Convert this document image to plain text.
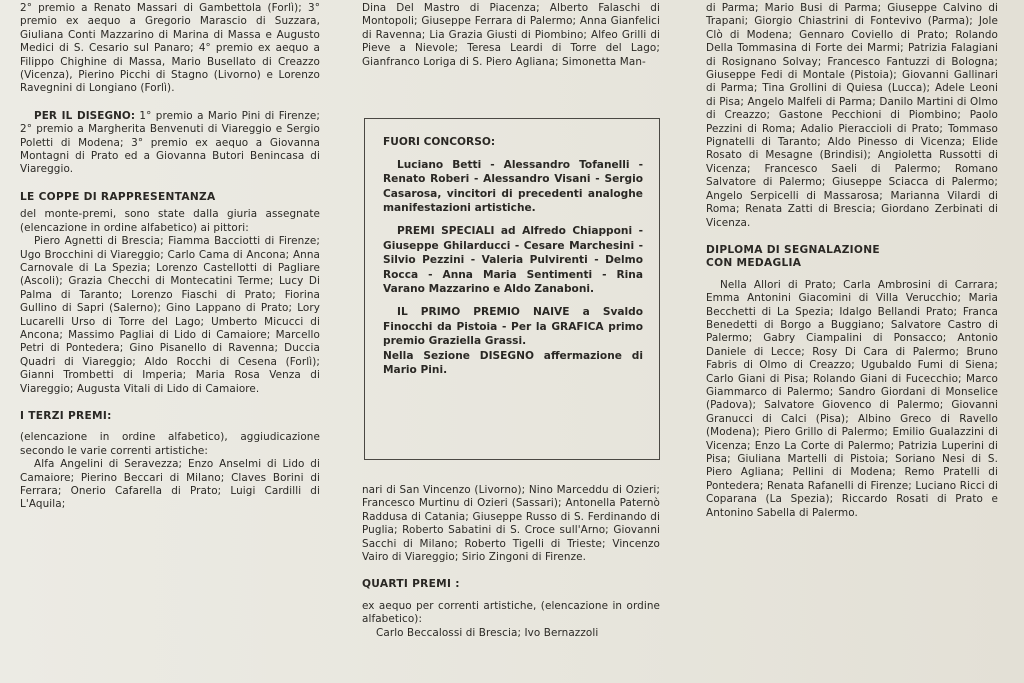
2° premio a Renato Massari di Gambettola (Forlì); 3° premio ex aequo a Gregorio Marascio di Suzzara, Giuliana Conti Mazzarino di Marina di Massa e Augusto Medici di S. Cesario sul Panaro; 4° premio ex aequo a Filippo Chighine di Massa, Mario Busellato di Creazzo (Vicenza), Pierino Picchi di Stagno (Livorno) e Lorenzo Ravegnini di Longiano (Forlì).

PER IL DISEGNO: 1° premio a Mario Pini di Firenze; 2° premio a Margherita Benvenuti di Viareggio e Sergio Poletti di Modena; 3° premio ex aequo a Giovanna Montagni di Prato ed a Giovanna Butori Benincasa di Viareggio.

LE COPPE DI RAPPRESENTANZA

del monte-premi, sono state dalla giuria assegnate (elencazione in ordine alfabetico) ai pittori:

Piero Agnetti di Brescia; Fiamma Bacciotti di Firenze; Ugo Brocchini di Viareggio; Carlo Cama di Ancona; Anna Carnovale di La Spezia; Lorenzo Castellotti di Pagliare (Ascoli); Grazia Checchi di Montecatini Terme; Lucy Di Palma di Taranto; Lorenzo Fiaschi di Prato; Fiorina Gullino di Sapri (Salerno); Gino Lappano di Prato; Lory Lucarelli Urso di Torre del Lago; Umberto Micucci di Ancona; Massimo Pagliai di Lido di Camaiore; Marcello Petri di Pontedera; Gino Pisanello di Ravenna; Duccia Quadri di Viareggio; Aldo Rocchi di Cesena (Forlì); Gianni Trombetti di Imperia; Maria Rosa Venza di Viareggio; Augusta Vitali di Lido di Camaiore.

I TERZI PREMI:

(elencazione in ordine alfabetico), aggiudicazione secondo le varie correnti artistiche:

Alfa Angelini di Seravezza; Enzo Anselmi di Lido di Camaiore; Pierino Beccari di Milano; Claves Borini di Ferrara; Onerio Cafarella di Prato; Luigi Cardilli di L'Aquila;

Dina Del Mastro di Piacenza; Alberto Falaschi di Montopoli; Giuseppe Ferrara di Palermo; Anna Gianfelici di Ravenna; Lia Grazia Giusti di Piombino; Alfeo Grilli di Pieve a Nievole; Teresa Leardi di Torre del Lago; Gianfranco Loriga di S. Piero Agliana; Simonetta Man-

FUORI CONCORSO:

Luciano Betti - Alessandro Tofanelli - Renato Roberi - Alessandro Visani - Sergio Casarosa, vincitori di precedenti analoghe manifestazioni artistiche.

PREMI SPECIALI ad Alfredo Chiapponi - Giuseppe Ghilarducci - Cesare Marchesini - Silvio Pezzini - Valeria Pulvirenti - Delmo Rocca - Anna Maria Sentimenti - Rina Varano Mazzarino e Aldo Zanaboni.

IL PRIMO PREMIO NAIVE a Svaldo Finocchi da Pistoia - Per la GRAFICA primo premio Graziella Grassi.

Nella Sezione DISEGNO affermazione di Mario Pini.

nari di San Vincenzo (Livorno); Nino Marceddu di Ozieri; Francesco Murtinu di Ozieri (Sassari); Antonella Paternò Raddusa di Catania; Giuseppe Russo di S. Ferdinando di Puglia; Roberto Sabatini di S. Croce sull'Arno; Giovanni Sacchi di Milano; Roberto Tigelli di Trieste; Vincenzo Vairo di Viareggio; Sirio Zingoni di Firenze.

QUARTI PREMI :

ex aequo per correnti artistiche, (elencazione in ordine alfabetico):

Carlo Beccalossi di Brescia; Ivo Bernazzoli

di Parma; Mario Busi di Parma; Giuseppe Calvino di Trapani; Giorgio Chiastrini di Fontevivo (Parma); Jole Clò di Modena; Gennaro Coviello di Prato; Rolando Della Tommasina di Forte dei Marmi; Patrizia Falagiani di Rosignano Solvay; Francesco Fantuzzi di Bologna; Giuseppe Fedi di Montale (Pistoia); Giovanni Gallinari di Parma; Tina Grollini di Quiesa (Lucca); Adele Leoni di Pisa; Angelo Malfeli di Parma; Danilo Martini di Olmo di Creazzo; Gastone Pecchioni di Piombino; Paolo Pezzini di Roma; Adalio Pieraccioli di Prato; Tommaso Pignatelli di Taranto; Aldo Pinesso di Vicenza; Elide Rosato di Mesagne (Brindisi); Angioletta Russotti di Vicenza; Francesco Saeli di Palermo; Romano Salvatore di Palermo; Giuseppe Sciacca di Palermo; Angelo Serpicelli di Massarosa; Marianna Vilardi di Roma; Renata Zatti di Brescia; Giordano Zerbinati di Vicenza.

DIPLOMA DI SEGNALAZIONE

CON MEDAGLIA

Nella Allori di Prato; Carla Ambrosini di Carrara; Emma Antonini Giacomini di Villa Verucchio; Maria Becchetti di La Spezia; Idalgo Bellandi Prato; Franca Benedetti di Borgo a Buggiano; Salvatore Castro di Palermo; Gabry Ciampalini di Ponsacco; Antonio Daniele di Lecce; Rosy Di Cara di Palermo; Bruno Fabris di Olmo di Creazzo; Ugubaldo Fumi di Siena; Carlo Giani di Pisa; Rolando Giani di Fucecchio; Marco Giammarco di Palermo; Sandro Giordani di Monselice (Padova); Salvatore Giovenco di Palermo; Giovanni Granucci di Calci (Pisa); Albino Greco di Ravello (Modena); Piero Grillo di Palermo; Emilio Gualazzini di Vicenza; Enzo La Corte di Palermo; Patrizia Luperini di Pisa; Giuliana Martelli di Pistoia; Soriano Nesi di S. Piero Agliana; Pellini di Modena; Remo Pratelli di Pontedera; Renata Rafanelli di Firenze; Luciano Ricci di Coparana (La Spezia); Riccardo Rosati di Prato e Antonino Sabella di Palermo.
